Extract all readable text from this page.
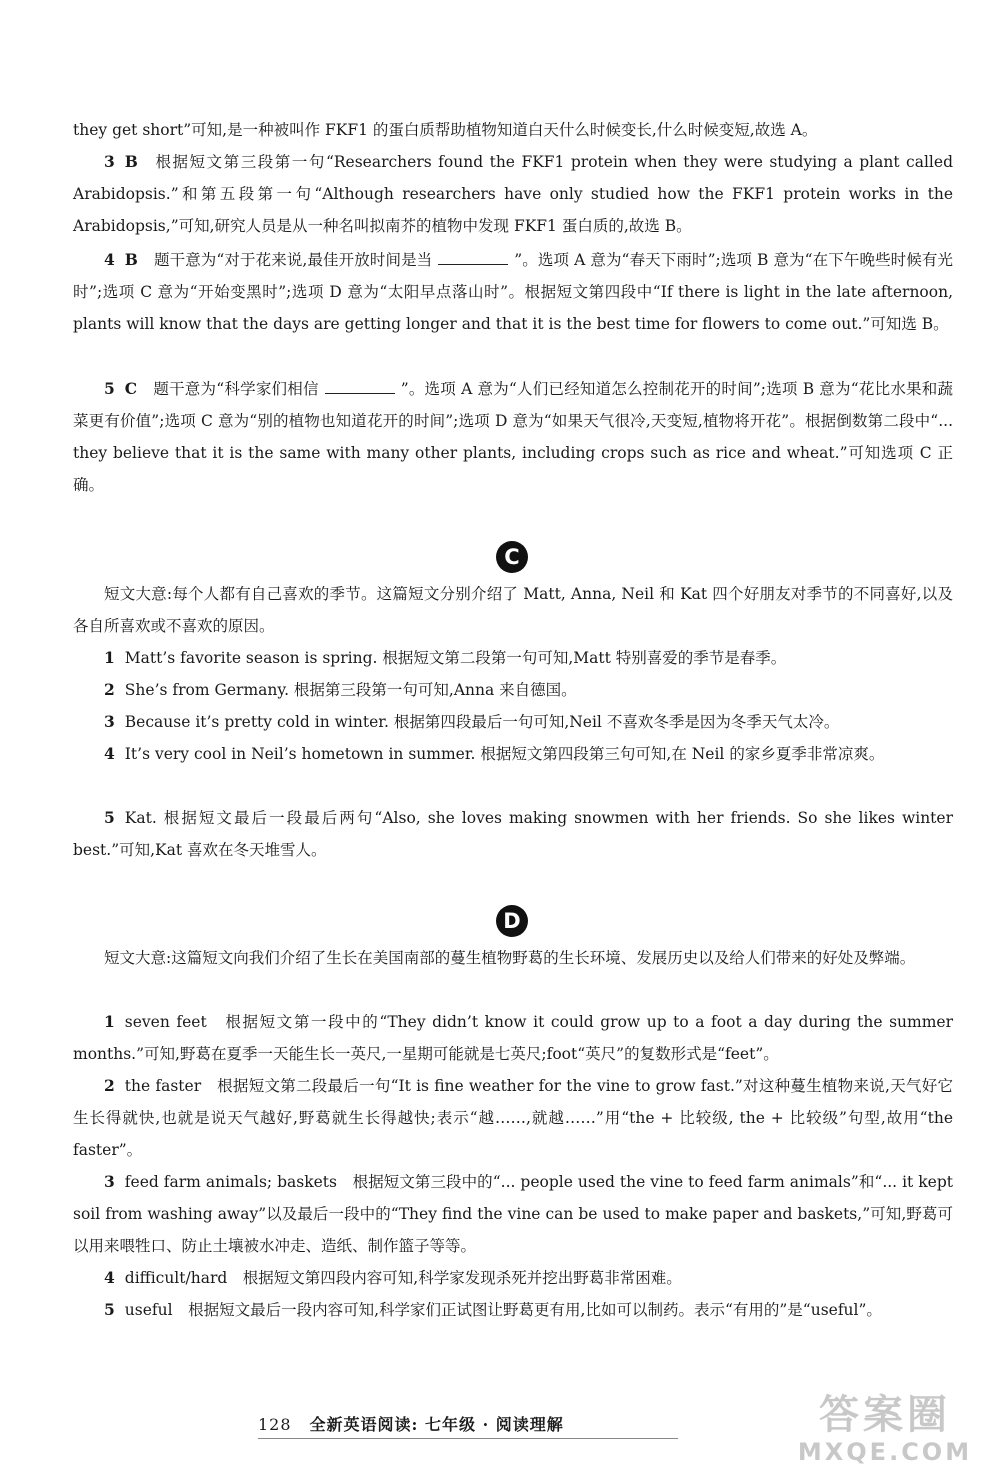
they get short”可知,是一种被叫作 FKF1 的蛋白质帮助植物知道白天什么时候变长,什么时候变短,故选 A。

3 B 根据短文第三段第一句“Researchers found the FKF1 protein when they were studying a plant called Arabidopsis.”和第五段第一句“Although researchers have only studied how the FKF1 protein works in the Arabidopsis,”可知,研究人员是从一种名叫拟南芥的植物中发现 FKF1 蛋白质的,故选 B。

4 B 题干意为“对于花来说,最佳开放时间是当	”。选项 A 意为“春天下雨时”;选项 B 意为“在下午晚些时候有光时”;选项 C 意为“开始变黑时”;选项 D 意为“太阳早点落山时”。根据短文第四段中“If there is light in the late afternoon, plants will know that the days are getting longer and that it is the best time for flowers to come out.”可知选 B。

5 C 题干意为“科学家们相信	”。选项 A 意为“人们已经知道怎么控制花开的时间”;选项 B 意为“花比水果和蔬菜更有价值”;选项 C 意为“别的植物也知道花开的时间”;选项 D 意为“如果天气很冷,天变短,植物将开花”。根据倒数第二段中“... they believe that it is the same with many other plants, including crops such as rice and wheat.”可知选项 C 正确。

C

短文大意:每个人都有自己喜欢的季节。这篇短文分别介绍了 Matt, Anna, Neil 和 Kat 四个好朋友对季节的不同喜好,以及各自所喜欢或不喜欢的原因。

1 Matt’s favorite season is spring. 根据短文第二段第一句可知,Matt 特别喜爱的季节是春季。

2 She’s from Germany. 根据第三段第一句可知,Anna 来自德国。

3 Because it’s pretty cold in winter. 根据第四段最后一句可知,Neil 不喜欢冬季是因为冬季天气太冷。

4 It’s very cool in Neil’s hometown in summer. 根据短文第四段第三句可知,在 Neil 的家乡夏季非常凉爽。

5 Kat. 根据短文最后一段最后两句“Also, she loves making snowmen with her friends. So she likes winter best.”可知,Kat 喜欢在冬天堆雪人。

D

短文大意:这篇短文向我们介绍了生长在美国南部的蔓生植物野葛的生长环境、发展历史以及给人们带来的好处及弊端。

1 seven feet　根据短文第一段中的“They didn’t know it could grow up to a foot a day during the summer months.”可知,野葛在夏季一天能生长一英尺,一星期可能就是七英尺;foot“英尺”的复数形式是“feet”。

2 the faster　根据短文第二段最后一句“It is fine weather for the vine to grow fast.”对这种蔓生植物来说,天气好它生长得就快,也就是说天气越好,野葛就生长得越快;表示“越……,就越……”用“the + 比较级, the + 比较级”句型,故用“the faster”。

3 feed farm animals; baskets　根据短文第三段中的“... people used the vine to feed farm animals”和“... it kept soil from washing away”以及最后一段中的“They find the vine can be used to make paper and baskets,”可知,野葛可以用来喂牲口、防止土壤被水冲走、造纸、制作篮子等等。

4 difficult/hard　根据短文第四段内容可知,科学家发现杀死并挖出野葛非常困难。

5 useful　根据短文最后一段内容可知,科学家们正试图让野葛更有用,比如可以制药。表示“有用的”是“useful”。

128 全新英语阅读: 七年级 · 阅读理解	答案圈
MXQE.COM
